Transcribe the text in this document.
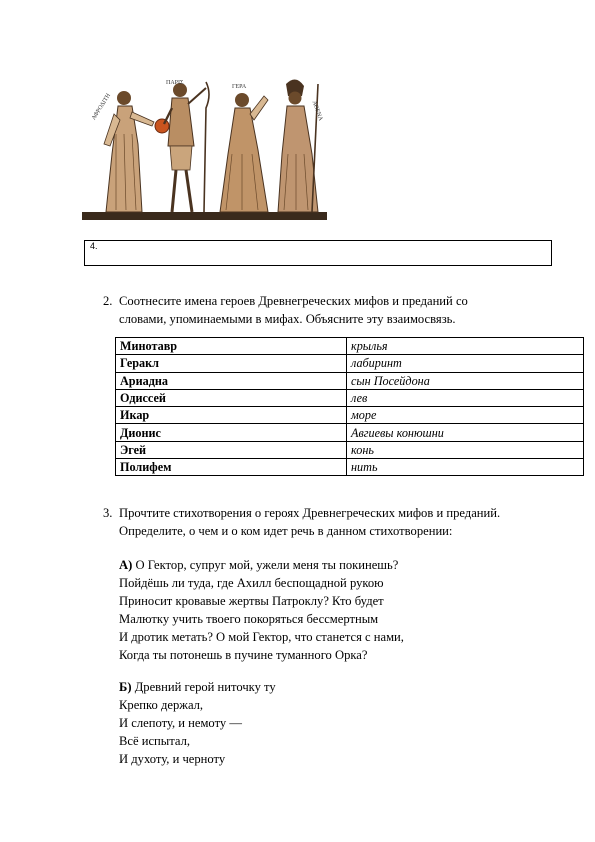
ΑΦΡΟΔΙΤΗ
ΠΑΡΙΣ
ΓΕΡΑ
ΑΘΕΝΑ
4.
2. Соотнесите имена героев Древнегреческих мифов и преданий со
словами, упоминаемыми в мифах. Объясните эту взаимосвязь.
Минотавр	крылья
Геракл	лабиринт
Ариадна	сын Посейдона
Одиссей	лев
Икар	море
Дионис	Авгиевы конюшни
Эгей	конь
Полифем	нить
3. Прочтите стихотворения о героях Древнегреческих мифов и преданий.
Определите, о чем и о ком идет речь в данном стихотворении:
А) О Гектор, супруг мой, ужели меня ты покинешь?
Пойдёшь ли туда, где Ахилл беспощадной рукою
Приносит кровавые жертвы Патроклу? Кто будет
Малютку учить твоего покоряться бессмертным
И дротик метать? О мой Гектор, что станется с нами,
Когда ты потонешь в пучине туманного Орка?
Б) Древний герой ниточку ту
Крепко держал,
И слепоту, и немоту —
Всё испытал,
И духоту, и черноту
